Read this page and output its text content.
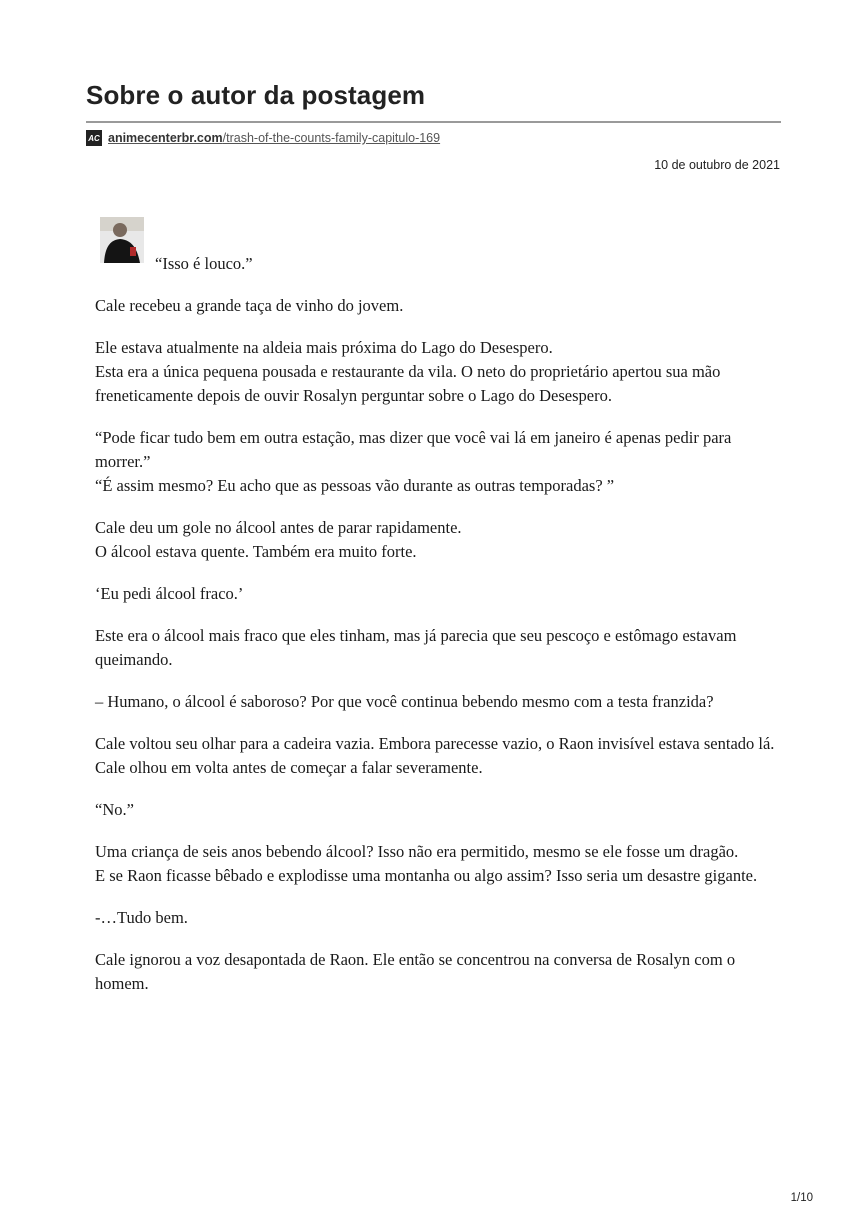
Sobre o autor da postagem
AC animecenterbr.com/trash-of-the-counts-family-capitulo-169
10 de outubro de 2021

“Isso é louco.”

Cale recebeu a grande taça de vinho do jovem.

Ele estava atualmente na aldeia mais próxima do Lago do Desespero.
Esta era a única pequena pousada e restaurante da vila. O neto do proprietário apertou sua mão freneticamente depois de ouvir Rosalyn perguntar sobre o Lago do Desespero.

“Pode ficar tudo bem em outra estação, mas dizer que você vai lá em janeiro é apenas pedir para morrer.”
“É assim mesmo? Eu acho que as pessoas vão durante as outras temporadas? ”

Cale deu um gole no álcool antes de parar rapidamente.
O álcool estava quente. Também era muito forte.

‘Eu pedi álcool fraco.’

Este era o álcool mais fraco que eles tinham, mas já parecia que seu pescoço e estômago estavam queimando.

– Humano, o álcool é saboroso? Por que você continua bebendo mesmo com a testa franzida?

Cale voltou seu olhar para a cadeira vazia. Embora parecesse vazio, o Raon invisível estava sentado lá. Cale olhou em volta antes de começar a falar severamente.

“No.”

Uma criança de seis anos bebendo álcool? Isso não era permitido, mesmo se ele fosse um dragão.
E se Raon ficasse bêbado e explodisse uma montanha ou algo assim? Isso seria um desastre gigante.

-…Tudo bem.

Cale ignorou a voz desapontada de Raon. Ele então se concentrou na conversa de Rosalyn com o homem.

1/10
